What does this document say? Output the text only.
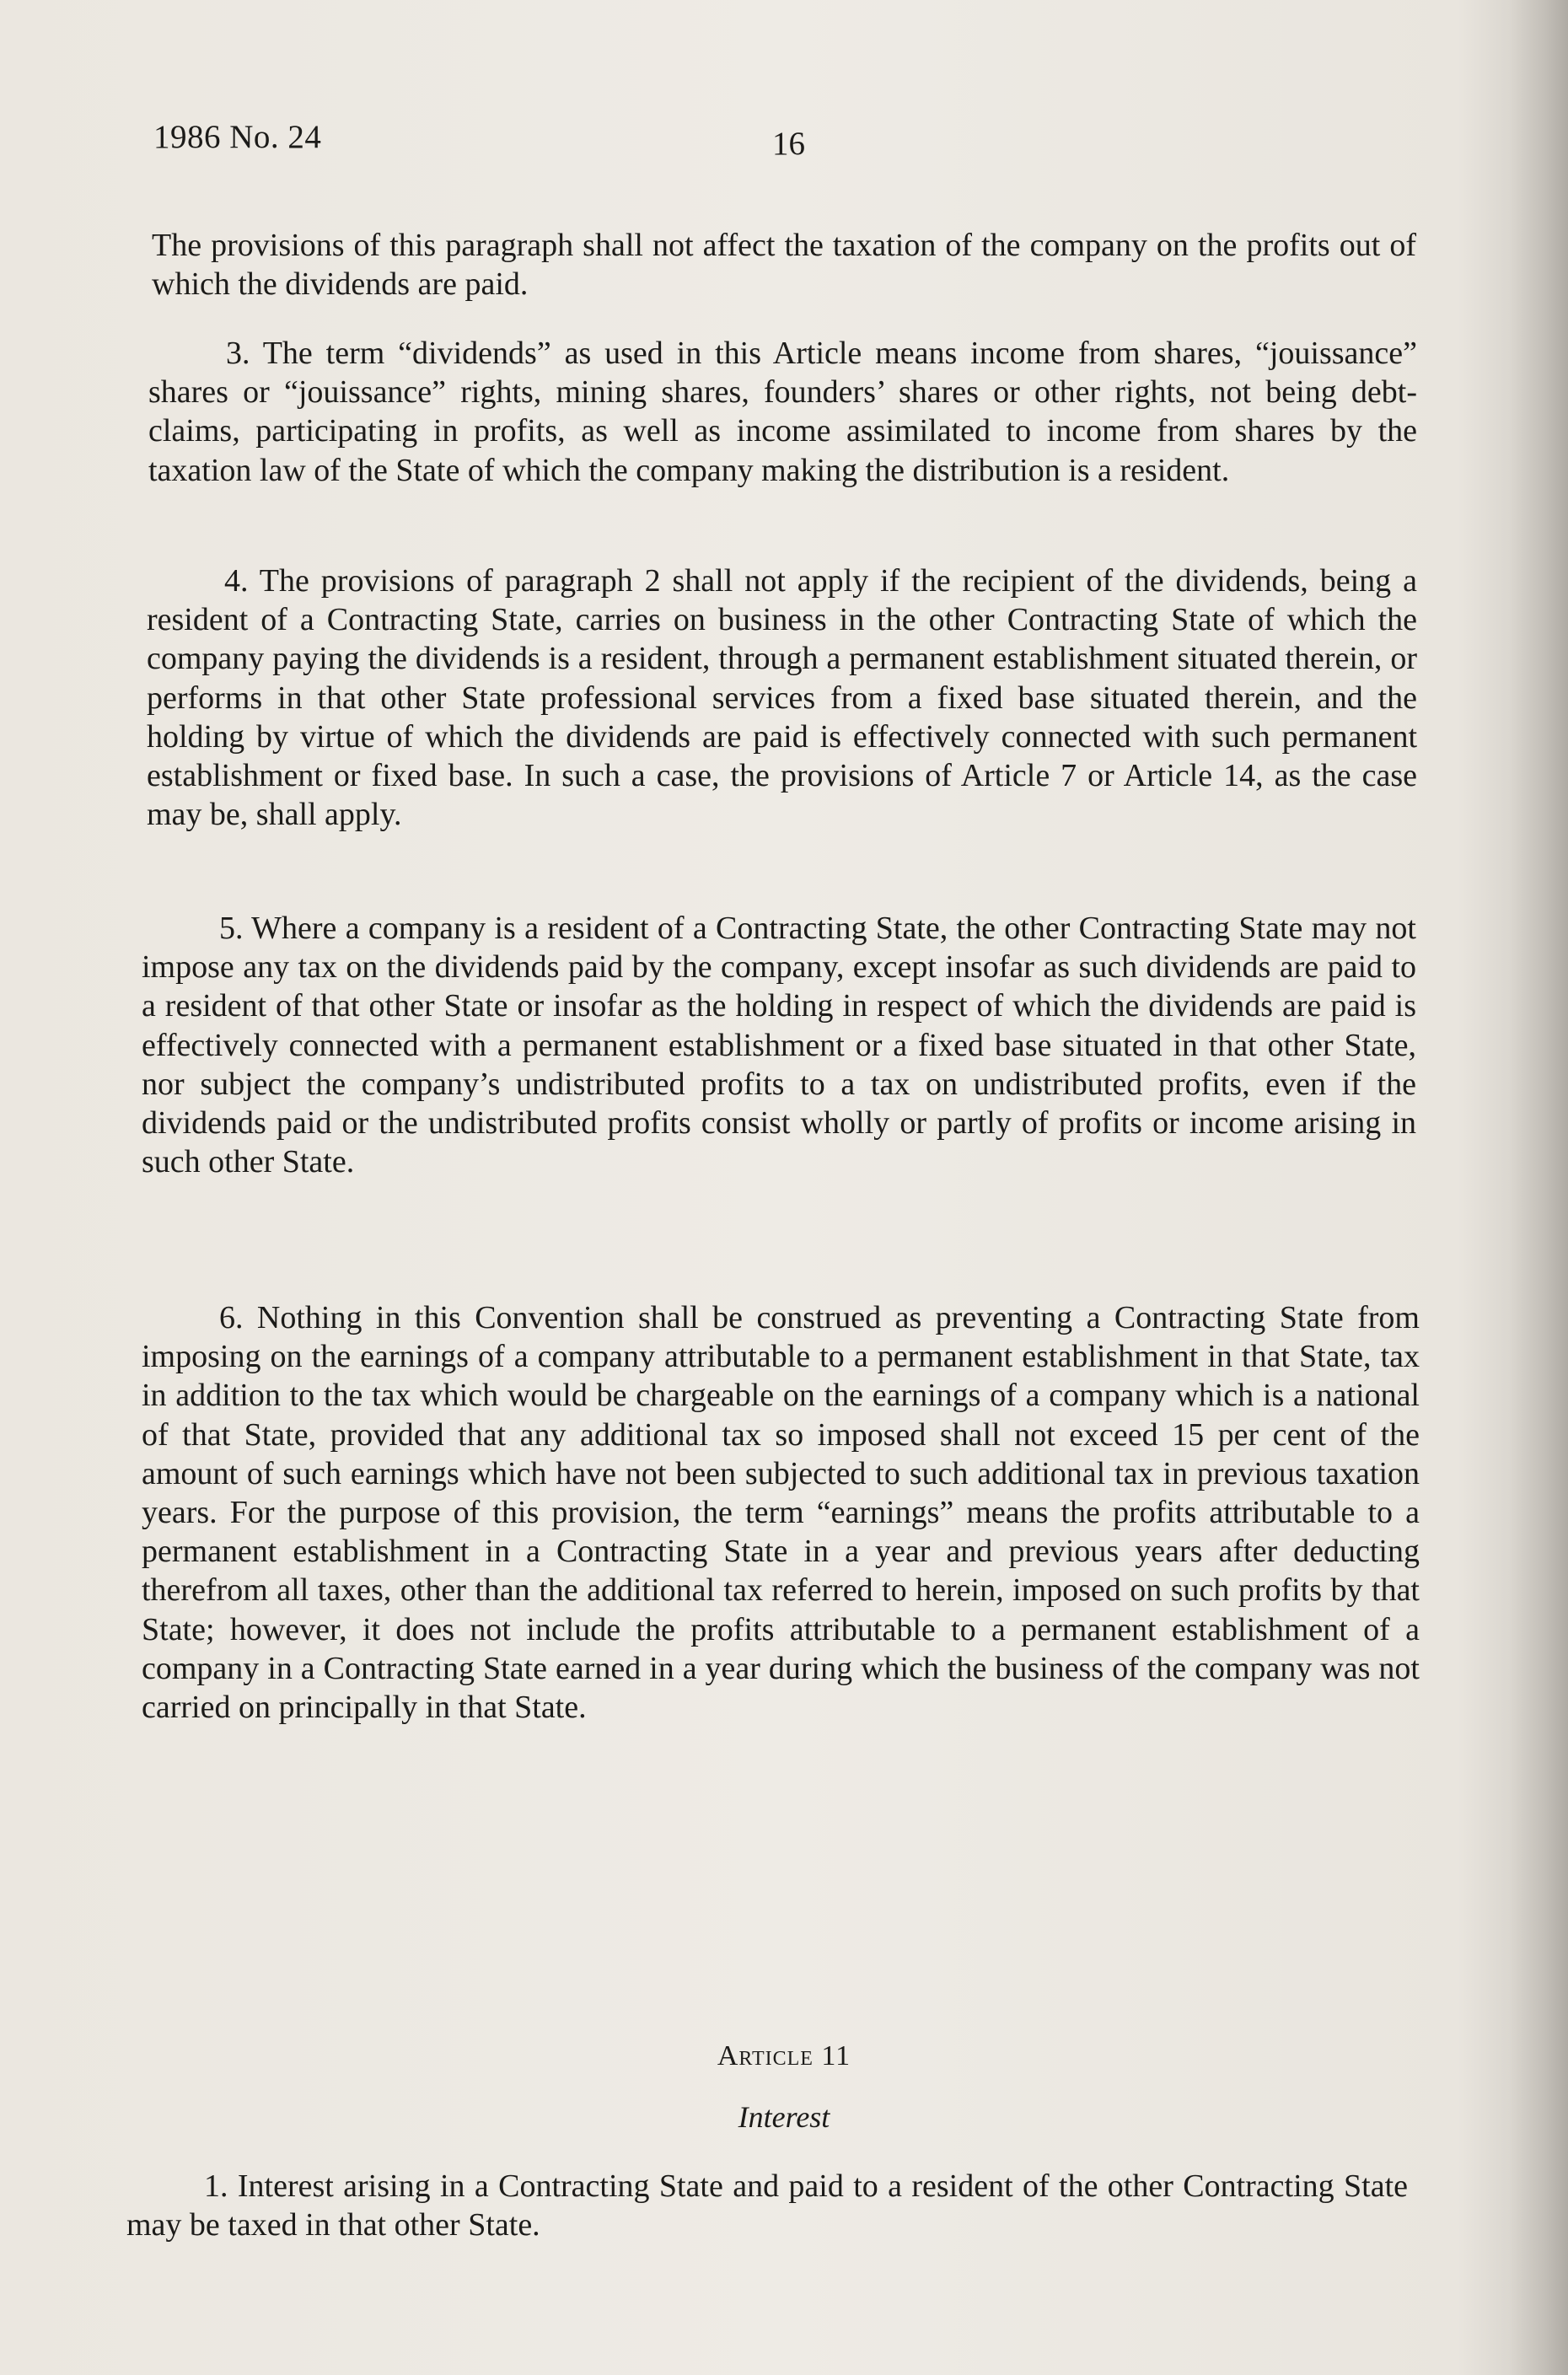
1986 No. 24	16

The provisions of this paragraph shall not affect the taxation of the company on the profits out of which the dividends are paid.

3. The term “dividends” as used in this Article means income from shares, “jouissance” shares or “jouissance” rights, mining shares, founders’ shares or other rights, not being debt-claims, participating in profits, as well as income assimilated to income from shares by the taxation law of the State of which the company making the distribution is a resident.

4. The provisions of paragraph 2 shall not apply if the recipient of the dividends, being a resident of a Contracting State, carries on business in the other Contracting State of which the company paying the dividends is a resident, through a permanent establishment situated therein, or performs in that other State professional services from a fixed base situated therein, and the holding by virtue of which the dividends are paid is effectively connected with such permanent establishment or fixed base. In such a case, the provisions of Article 7 or Article 14, as the case may be, shall apply.

5. Where a company is a resident of a Contracting State, the other Contracting State may not impose any tax on the dividends paid by the company, except insofar as such dividends are paid to a resident of that other State or insofar as the holding in respect of which the dividends are paid is effectively connected with a permanent establishment or a fixed base situated in that other State, nor subject the company’s undistributed profits to a tax on undistributed profits, even if the dividends paid or the undistributed profits consist wholly or partly of profits or income arising in such other State.

6. Nothing in this Convention shall be construed as preventing a Contracting State from imposing on the earnings of a company attributable to a permanent establishment in that State, tax in addition to the tax which would be chargeable on the earnings of a company which is a national of that State, provided that any additional tax so imposed shall not exceed 15 per cent of the amount of such earnings which have not been subjected to such additional tax in previous taxation years. For the purpose of this provision, the term “earnings” means the profits attributable to a permanent establishment in a Contracting State in a year and previous years after deducting therefrom all taxes, other than the additional tax referred to herein, imposed on such profits by that State; however, it does not include the profits attributable to a permanent establishment of a company in a Contracting State earned in a year during which the business of the company was not carried on principally in that State.

Article 11
Interest

1. Interest arising in a Contracting State and paid to a resident of the other Contracting State may be taxed in that other State.
